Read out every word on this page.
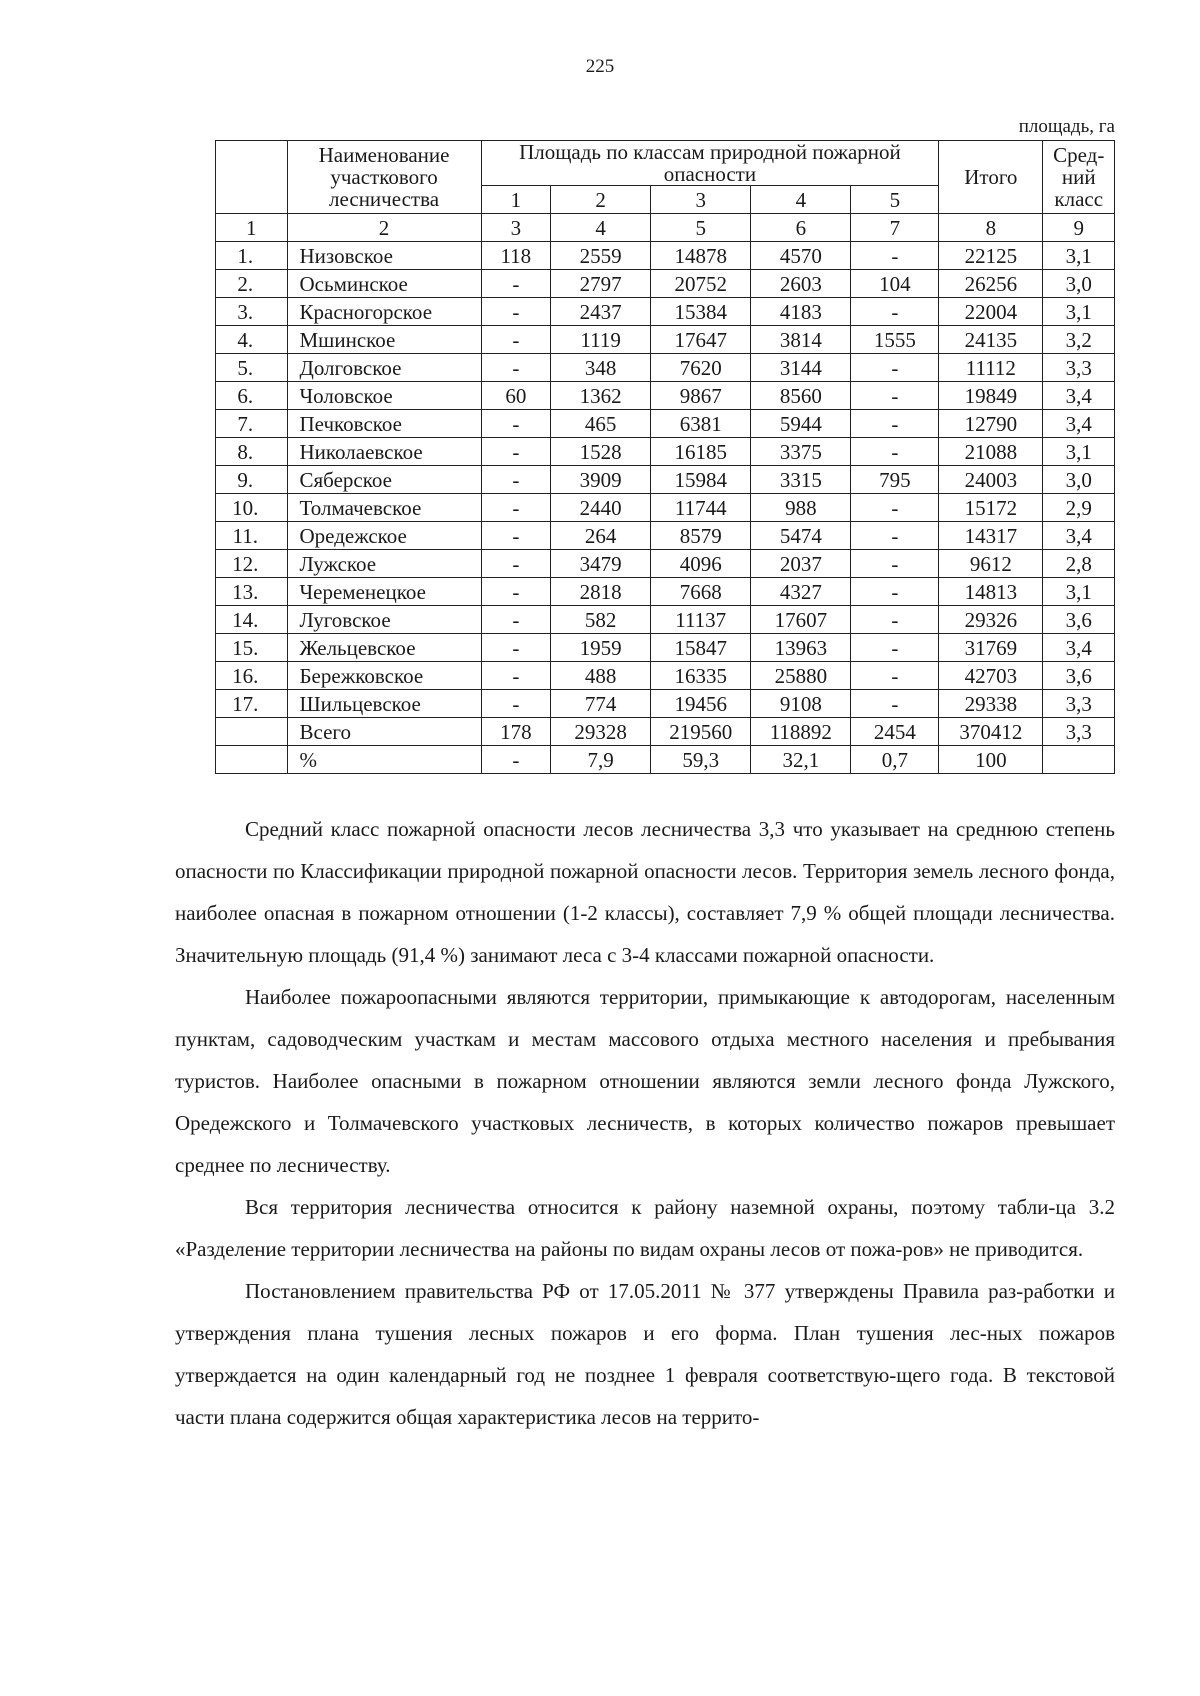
225
площадь, га
	Наименование участкового лесничества	Площадь по классам природной пожарной опасности					Итого	Сред-ний класс
		1	2	3	4	5		
1	2	3	4	5	6	7	8	9
1.	Низовское	118	2559	14878	4570	-	22125	3,1
2.	Осьминское	-	2797	20752	2603	104	26256	3,0
3.	Красногорское	-	2437	15384	4183	-	22004	3,1
4.	Мшинское	-	1119	17647	3814	1555	24135	3,2
5.	Долговское	-	348	7620	3144	-	11112	3,3
6.	Чоловское	60	1362	9867	8560	-	19849	3,4
7.	Печковское	-	465	6381	5944	-	12790	3,4
8.	Николаевское	-	1528	16185	3375	-	21088	3,1
9.	Сяберское	-	3909	15984	3315	795	24003	3,0
10.	Толмачевское	-	2440	11744	988	-	15172	2,9
11.	Оредежское	-	264	8579	5474	-	14317	3,4
12.	Лужское	-	3479	4096	2037	-	9612	2,8
13.	Череменецкое	-	2818	7668	4327	-	14813	3,1
14.	Луговское	-	582	11137	17607	-	29326	3,6
15.	Жельцевское	-	1959	15847	13963	-	31769	3,4
16.	Бережковское	-	488	16335	25880	-	42703	3,6
17.	Шильцевское	-	774	19456	9108	-	29338	3,3
	Всего	178	29328	219560	118892	2454	370412	3,3
	%	-	7,9	59,3	32,1	0,7	100	

Средний класс пожарной опасности лесов лесничества 3,3 что указывает на среднюю степень опасности по Классификации природной пожарной опасности лесов. Территория земель лесного фонда, наиболее опасная в пожарном отношении (1-2 классы), составляет 7,9 % общей площади лесничества. Значительную площадь (91,4 %) занимают леса с 3-4 классами пожарной опасности.

Наиболее пожароопасными являются территории, примыкающие к автодорогам, населенным пунктам, садоводческим участкам и местам массового отдыха местного населения и пребывания туристов. Наиболее опасными в пожарном отношении являются земли лесного фонда Лужского, Оредежского и Толмачевского участковых лесничеств, в которых количество пожаров превышает среднее по лесничеству.

Вся территория лесничества относится к району наземной охраны, поэтому табли-ца 3.2 «Разделение территории лесничества на районы по видам охраны лесов от пожа-ров» не приводится.

Постановлением правительства РФ от 17.05.2011 № 377 утверждены Правила раз-работки и утверждения плана тушения лесных пожаров и его форма. План тушения лес-ных пожаров утверждается на один календарный год не позднее 1 февраля соответствую-щего года. В текстовой части плана содержится общая характеристика лесов на террито-
